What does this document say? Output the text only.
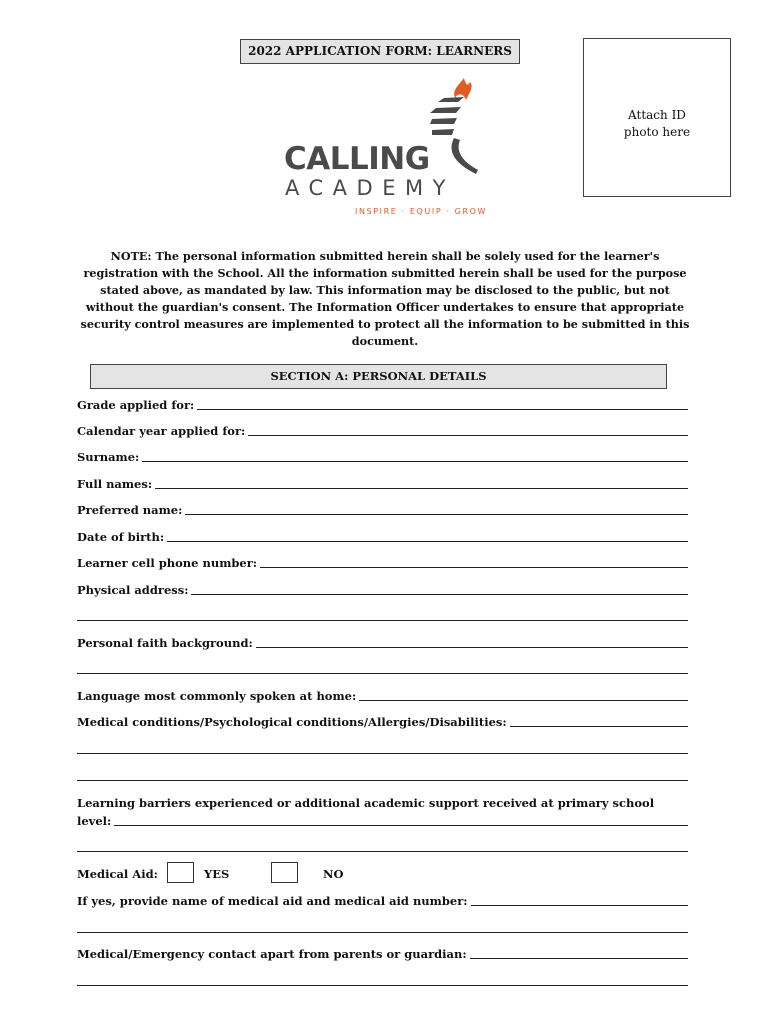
2022 APPLICATION FORM: LEARNERS
Attach ID
photo here
CALLING
ACADEMY
INSPIRE · EQUIP · GROW
NOTE: The personal information submitted herein shall be solely used for the learner's registration with the School. All the information submitted herein shall be used for the purpose stated above, as mandated by law. This information may be disclosed to the public, but not without the guardian's consent. The Information Officer undertakes to ensure that appropriate security control measures are implemented to protect all the information to be submitted in this document.
SECTION A: PERSONAL DETAILS
Grade applied for:
Calendar year applied for:
Surname:
Full names:
Preferred name:
Date of birth:
Learner cell phone number:
Physical address:
Personal faith background:
Language most commonly spoken at home:
Medical conditions/Psychological conditions/Allergies/Disabilities:
Learning barriers experienced or additional academic support received at primary school
level:
Medical Aid:	YES	NO
If yes, provide name of medical aid and medical aid number:
Medical/Emergency contact apart from parents or guardian:
